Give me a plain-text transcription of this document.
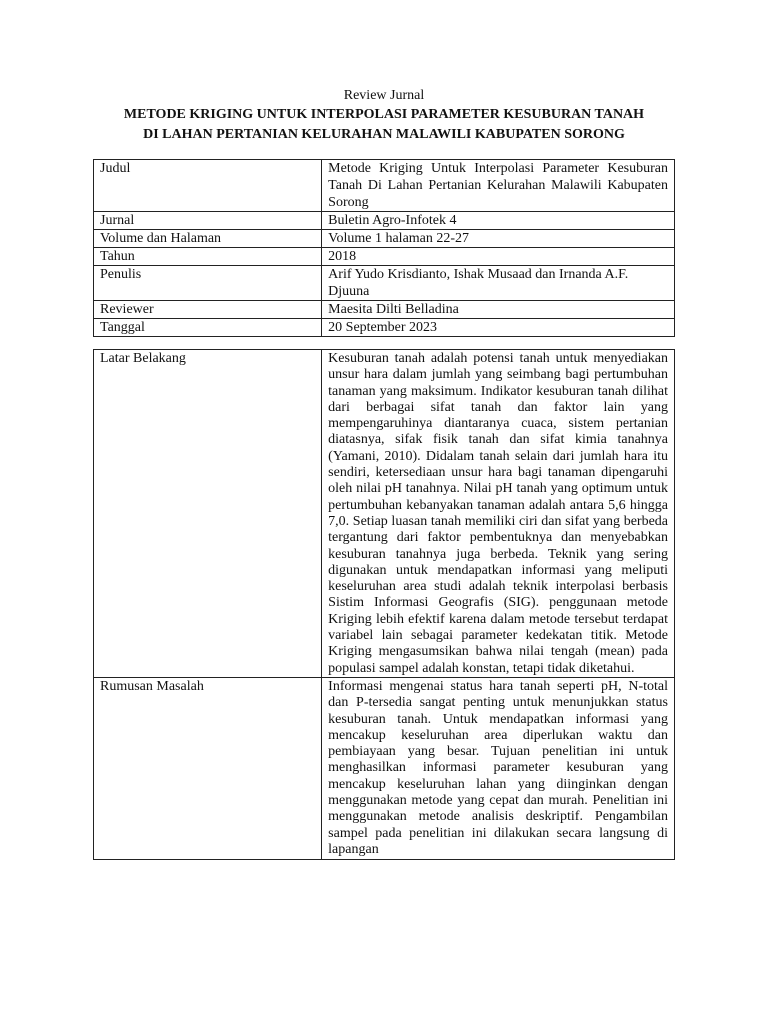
Review Jurnal

METODE KRIGING UNTUK INTERPOLASI PARAMETER KESUBURAN TANAH

DI LAHAN PERTANIAN KELURAHAN MALAWILI KABUPATEN SORONG

Judul	Metode Kriging Untuk Interpolasi Parameter Kesuburan Tanah Di Lahan Pertanian Kelurahan Malawili Kabupaten Sorong
Jurnal	Buletin Agro-Infotek 4
Volume dan Halaman	Volume 1 halaman 22-27
Tahun	2018
Penulis	Arif Yudo Krisdianto, Ishak Musaad dan Irnanda A.F. Djuuna
Reviewer	Maesita Dilti Belladina
Tanggal	20 September 2023
Latar Belakang	Kesuburan tanah adalah potensi tanah untuk menyediakan unsur hara dalam jumlah yang seimbang bagi pertumbuhan tanaman yang maksimum. Indikator kesuburan tanah dilihat dari berbagai sifat tanah dan faktor lain yang mempengaruhinya diantaranya cuaca, sistem pertanian diatasnya, sifak fisik tanah dan sifat kimia tanahnya (Yamani, 2010). Didalam tanah selain dari jumlah hara itu sendiri, ketersediaan unsur hara bagi tanaman dipengaruhi oleh nilai pH tanahnya. Nilai pH tanah yang optimum untuk pertumbuhan kebanyakan tanaman adalah antara 5,6 hingga 7,0. Setiap luasan tanah memiliki ciri dan sifat yang berbeda tergantung dari faktor pembentuknya dan menyebabkan kesuburan tanahnya juga berbeda. Teknik yang sering digunakan untuk mendapatkan informasi yang meliputi keseluruhan area studi adalah teknik interpolasi berbasis Sistim Informasi Geografis (SIG). penggunaan metode Kriging lebih efektif karena dalam metode tersebut terdapat variabel lain sebagai parameter kedekatan titik. Metode Kriging mengasumsikan bahwa nilai tengah (mean) pada populasi sampel adalah konstan, tetapi tidak diketahui.
Rumusan Masalah	Informasi mengenai status hara tanah seperti pH, N-total dan P-tersedia sangat penting untuk menunjukkan status kesuburan tanah. Untuk mendapatkan informasi yang mencakup keseluruhan area diperlukan waktu dan pembiayaan yang besar. Tujuan penelitian ini untuk menghasilkan informasi parameter kesuburan yang mencakup keseluruhan lahan yang diinginkan dengan menggunakan metode yang cepat dan murah. Penelitian ini menggunakan metode analisis deskriptif. Pengambilan sampel pada penelitian ini dilakukan secara langsung di lapangan
